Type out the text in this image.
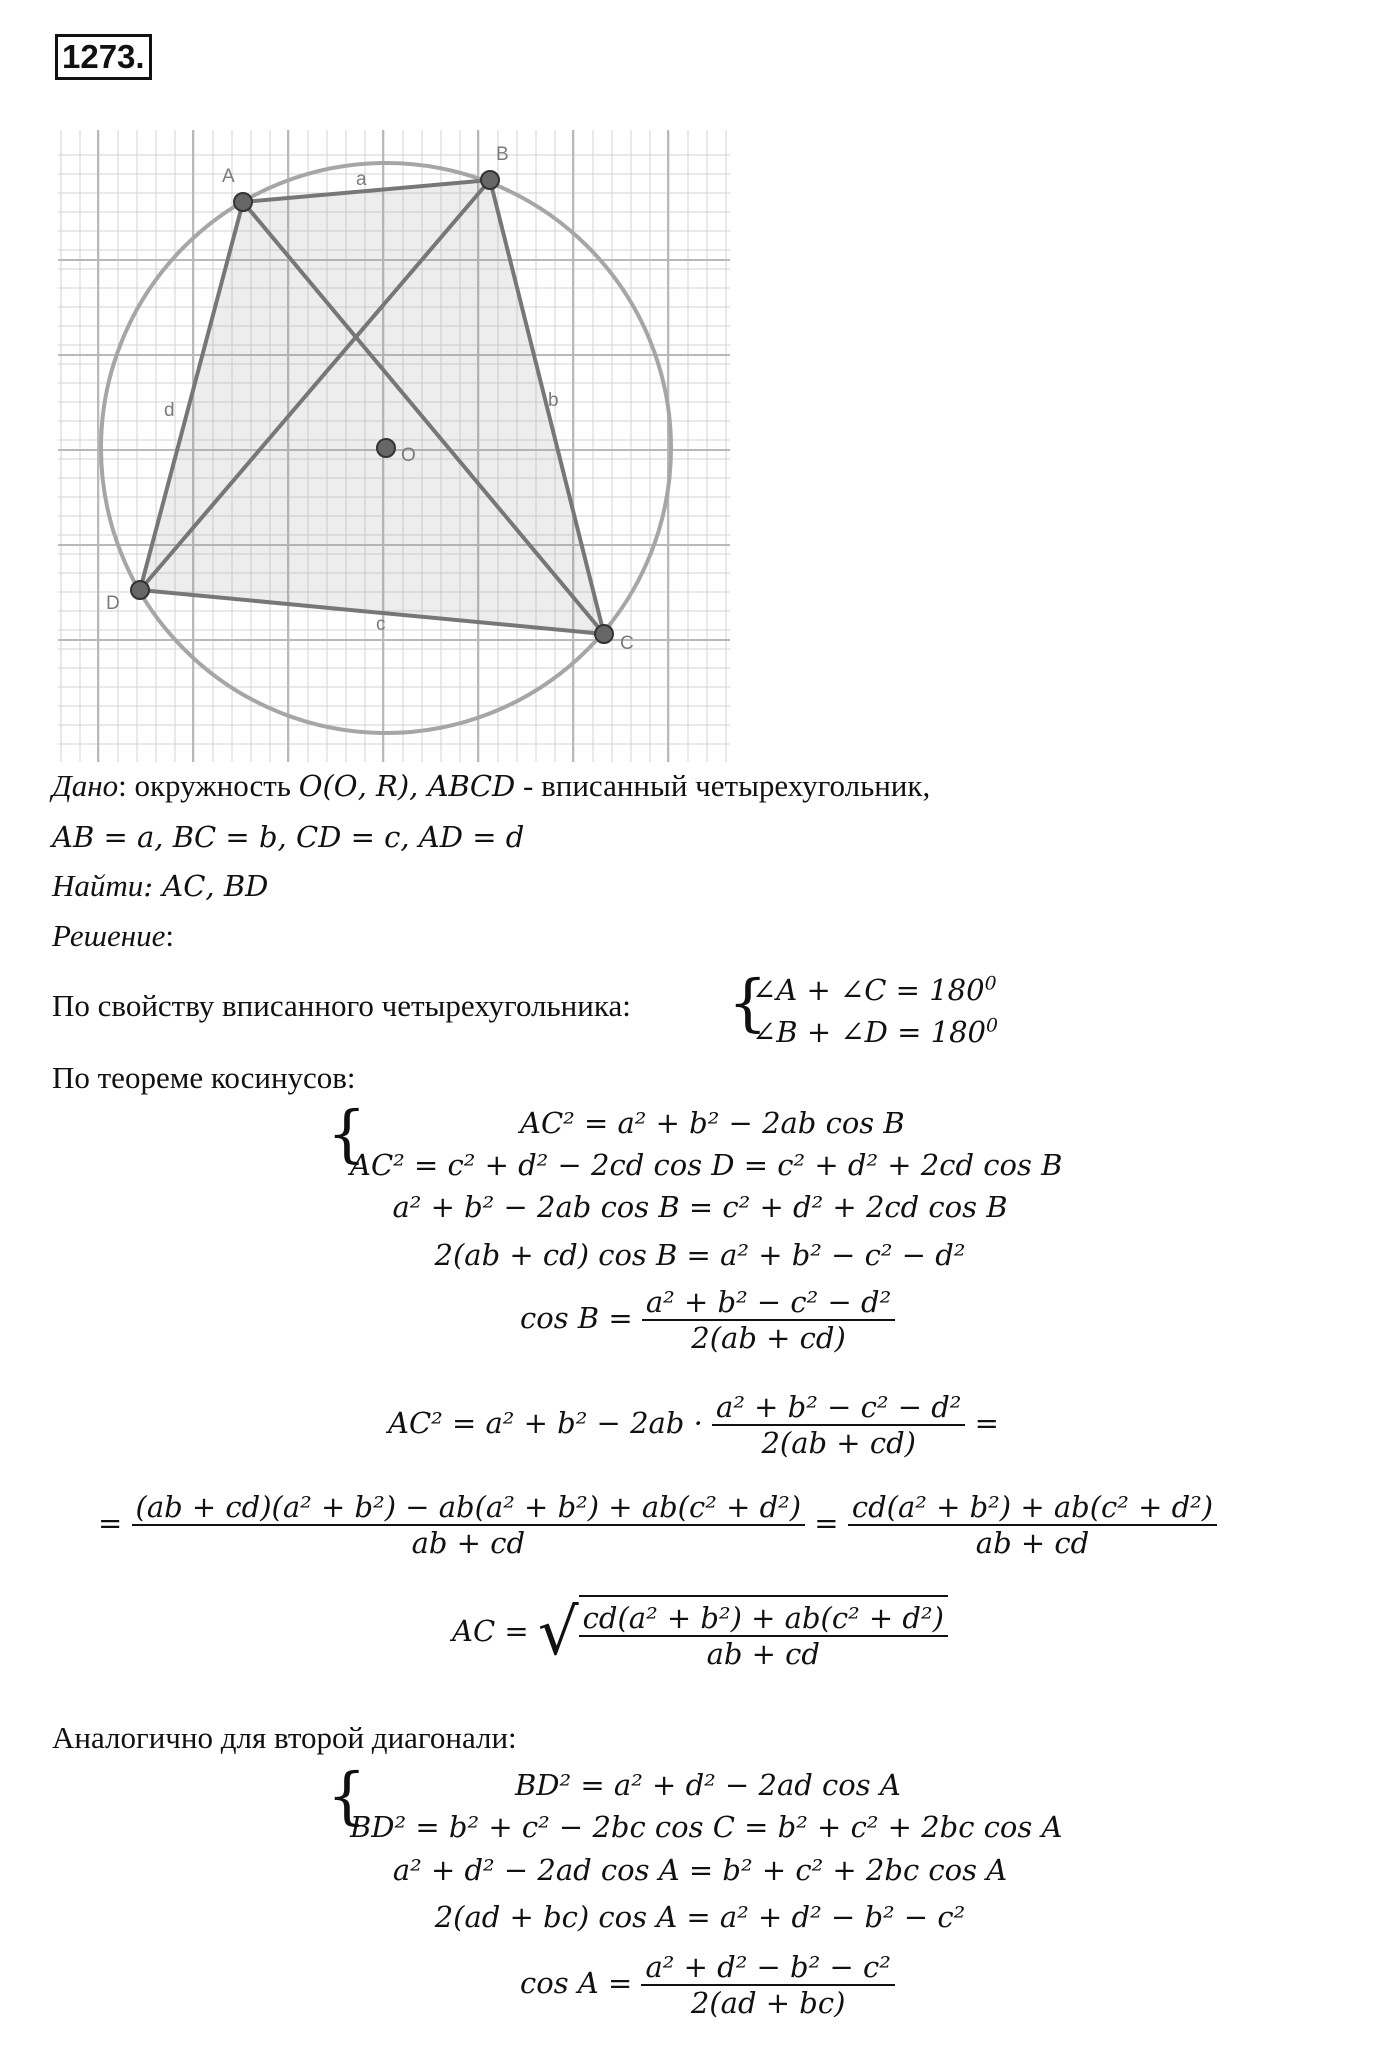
1273.
A
B
C
D
O
a
b
c
d
Дано: окружность 𝑂(𝑂, 𝑅), 𝐴𝐵𝐶𝐷 - вписанный четырехугольник,
𝐴𝐵 = 𝑎, 𝐵𝐶 = 𝑏, 𝐶𝐷 = 𝑐, 𝐴𝐷 = 𝑑
Найти: 𝐴𝐶, 𝐵𝐷
Решение:
По свойству вписанного четырехугольника: {
∠𝐴 + ∠𝐶 = $180^0$
∠𝐵 + ∠𝐷 = $180^0$
По теореме косинусов:
{	𝐴𝐶² = 𝑎² + 𝑏² − 2𝑎𝑏 cos 𝐵
𝐴𝐶² = 𝑐² + 𝑑² − 2𝑐𝑑 cos 𝐷 = 𝑐² + 𝑑² + 2𝑐𝑑 cos 𝐵
𝑎² + 𝑏² − 2𝑎𝑏 cos 𝐵 = 𝑐² + 𝑑² + 2𝑐𝑑 cos 𝐵
2(𝑎𝑏 + 𝑐𝑑) cos 𝐵 = 𝑎² + 𝑏² − 𝑐² − 𝑑²
cos 𝐵 = $\frac{\text{𝑎² + 𝑏² − 𝑐² − 𝑑²}}{\text{2(𝑎𝑏 + 𝑐𝑑)}}$
𝐴𝐶² = 𝑎² + 𝑏² − 2𝑎𝑏 · $\frac{\text{𝑎² + 𝑏² − 𝑐² − 𝑑²}}{\text{2(𝑎𝑏 + 𝑐𝑑)}}$ =
= $\frac{\text{(𝑎𝑏 + 𝑐𝑑)(𝑎² + 𝑏²) − 𝑎𝑏(𝑎² + 𝑏²) + 𝑎𝑏(𝑐² + 𝑑²)}}{\text{𝑎𝑏 + 𝑐𝑑}} = \frac{\text{𝑐𝑑(𝑎² + 𝑏²) + 𝑎𝑏(𝑐² + 𝑑²)}}{\text{𝑎𝑏 + 𝑐𝑑}}$
𝐴𝐶 = √ $\frac{\text{𝑐𝑑(𝑎² + 𝑏²) + 𝑎𝑏(𝑐² + 𝑑²)}}{\text{𝑎𝑏 + 𝑐𝑑}}$
Аналогично для второй диагонали:
{	𝐵𝐷² = 𝑎² + 𝑑² − 2𝑎𝑑 cos 𝐴
𝐵𝐷² = 𝑏² + 𝑐² − 2𝑏𝑐 cos 𝐶 = 𝑏² + 𝑐² + 2𝑏𝑐 cos 𝐴
𝑎² + 𝑑² − 2𝑎𝑑 cos 𝐴 = 𝑏² + 𝑐² + 2𝑏𝑐 cos 𝐴
2(𝑎𝑑 + 𝑏𝑐) cos 𝐴 = 𝑎² + 𝑑² − 𝑏² − 𝑐²
cos 𝐴 = $\frac{\text{𝑎² + 𝑑² − 𝑏² − 𝑐²}}{\text{2(𝑎𝑑 + 𝑏𝑐)}}$
